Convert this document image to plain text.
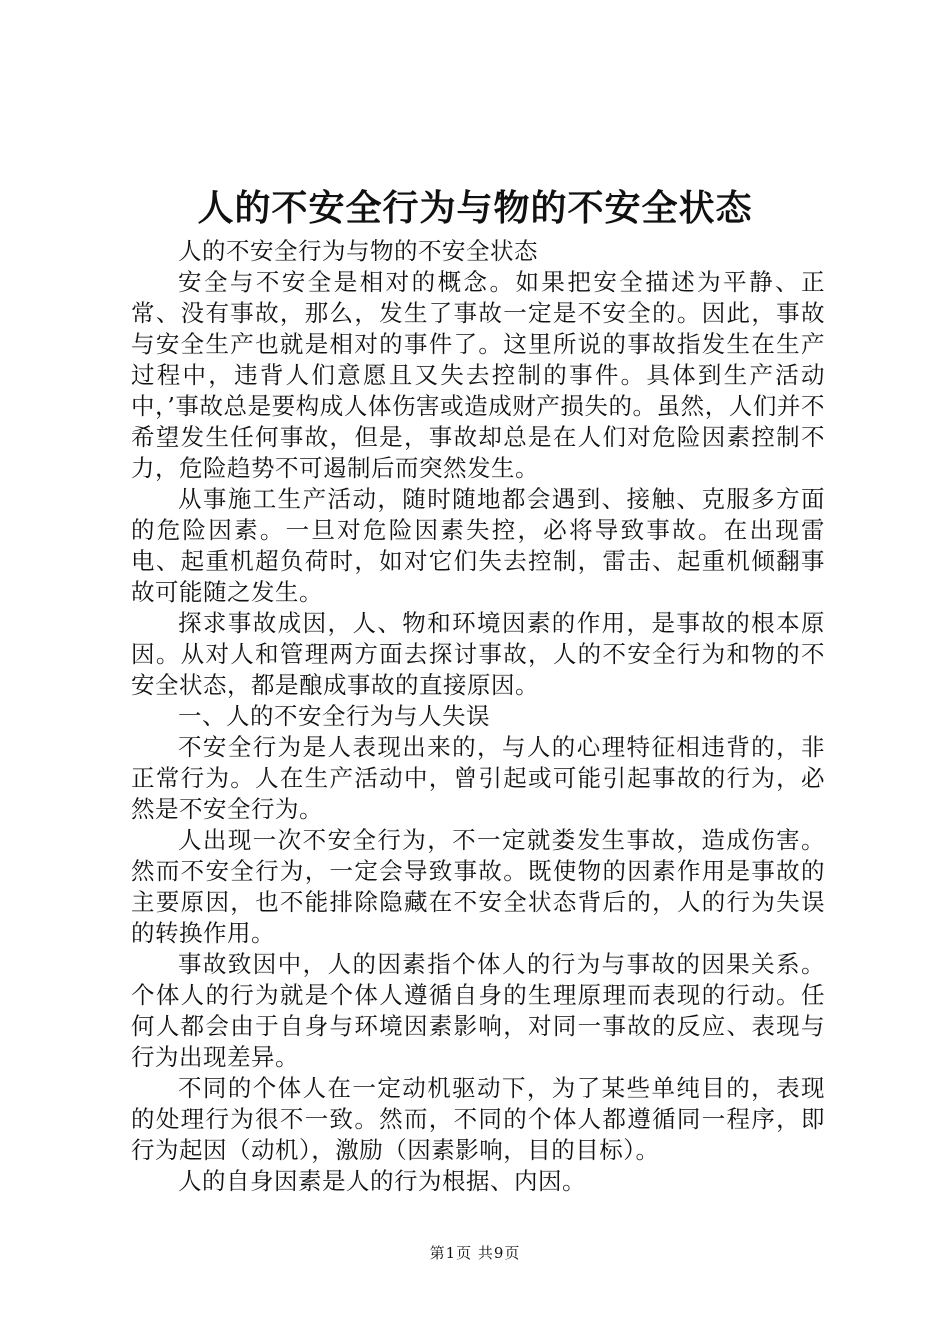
人的不安全行为与物的不安全状态

人的不安全行为与物的不安全状态

安全与不安全是相对的概念。如果把安全描述为平静、正常、没有事故，那么，发生了事故一定是不安全的。因此，事故与安全生产也就是相对的事件了。这里所说的事故指发生在生产过程中，违背人们意愿且又失去控制的事件。具体到生产活动中，’事故总是要构成人体伤害或造成财产损失的。虽然，人们并不希望发生任何事故，但是，事故却总是在人们对危险因素控制不力，危险趋势不可遏制后而突然发生。

从事施工生产活动，随时随地都会遇到、接触、克服多方面的危险因素。一旦对危险因素失控，必将导致事故。在出现雷电、起重机超负荷时，如对它们失去控制，雷击、起重机倾翻事故可能随之发生。

探求事故成因，人、物和环境因素的作用，是事故的根本原因。从对人和管理两方面去探讨事故，人的不安全行为和物的不安全状态，都是酿成事故的直接原因。

一、人的不安全行为与人失误

不安全行为是人表现出来的，与人的心理特征相违背的，非正常行为。人在生产活动中，曾引起或可能引起事故的行为，必然是不安全行为。

人出现一次不安全行为，不一定就娄发生事故，造成伤害。然而不安全行为，一定会导致事故。既使物的因素作用是事故的主要原因，也不能排除隐藏在不安全状态背后的，人的行为失误的转换作用。

事故致因中，人的因素指个体人的行为与事故的因果关系。个体人的行为就是个体人遵循自身的生理原理而表现的行动。任何人都会由于自身与环境因素影响，对同一事故的反应、表现与行为出现差异。

不同的个体人在一定动机驱动下，为了某些单纯目的，表现的处理行为很不一致。然而，不同的个体人都遵循同一程序，即行为起因（动机），激励（因素影响，目的目标）。

人的自身因素是人的行为根据、内因。

第1页 共9页
